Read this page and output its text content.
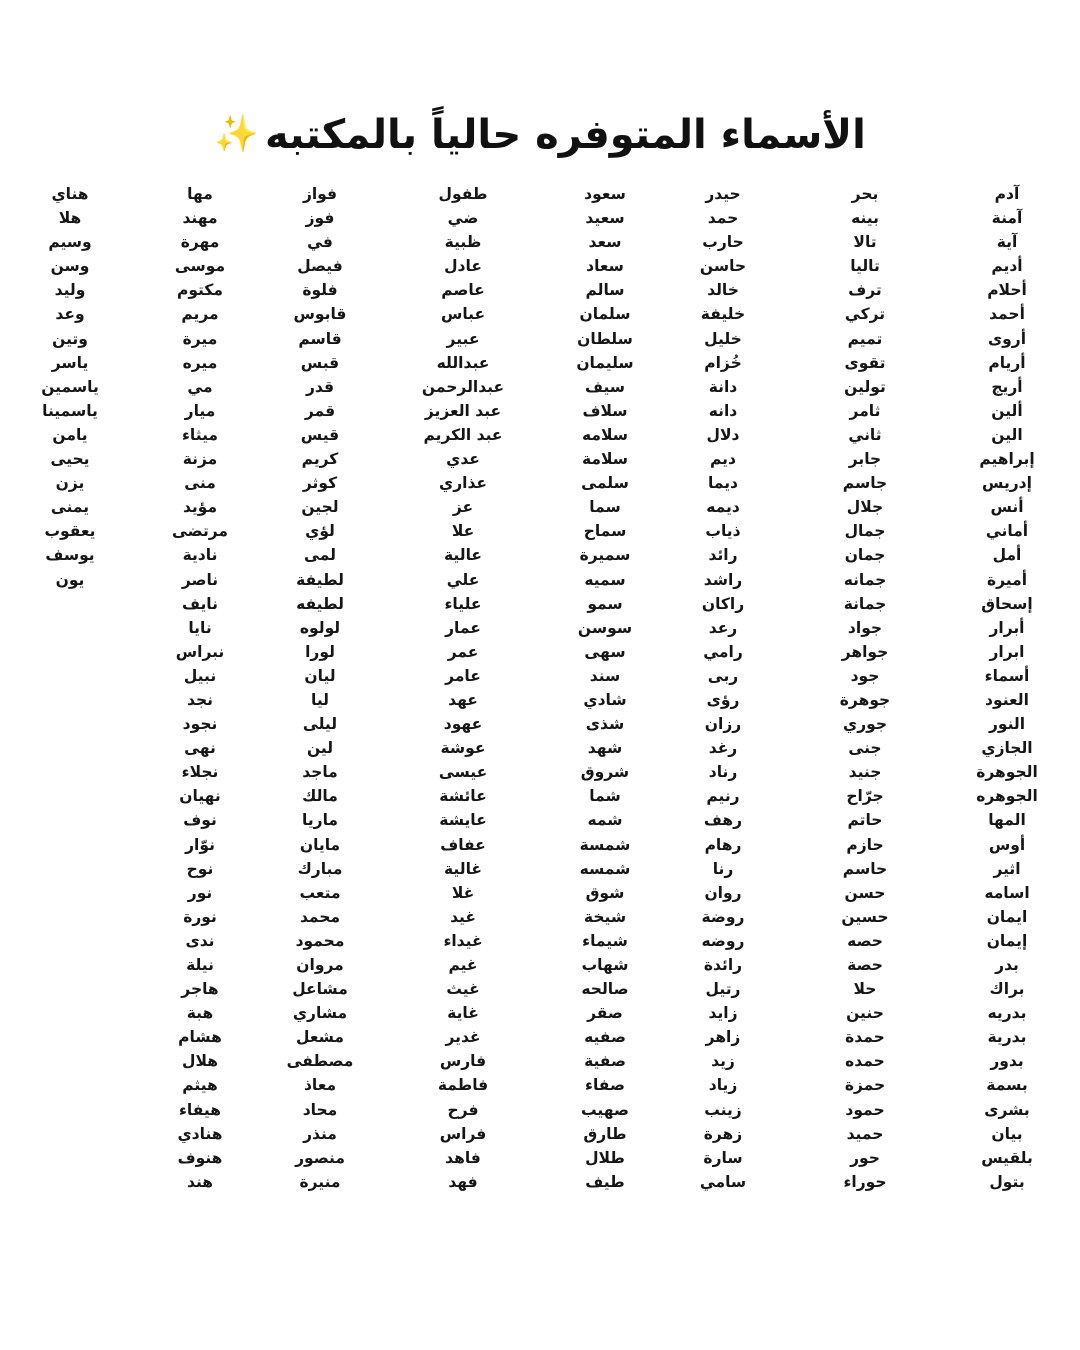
الأسماء المتوفره حالياً بالمكتبه✨
آدم
آمنة
آية
أديم
أحلام
أحمد
أروى
أريام
أريج
ألين
الين
إبراهيم
إدريس
أنس
أماني
أمل
أميرة
إسحاق
أبرار
ابرار
أسماء
العنود
النور
الجازي
الجوهرة
الجوهره
المها
أوس
اثير
اسامه
ايمان
إيمان
بدر
براك
بدريه
بدرية
بدور
بسمة
بشرى
بيان
بلقيس
بتول
بحر
بينه
تالا
تاليا
ترف
تركي
تميم
تقوى
تولين
ثامر
ثاني
جابر
جاسم
جلال
جمال
جمان
جمانه
جمانة
جواد
جواهر
جود
جوهرة
جوري
جنى
جنيد
جرّاح
حاتم
حازم
حاسم
حسن
حسين
حصه
حصة
حلا
حنين
حمدة
حمده
حمزة
حمود
حميد
حور
حوراء
حيدر
حمد
حارب
حاسن
خالد
خليفة
خليل
خُزام
دانة
دانه
دلال
ديم
ديما
ديمه
ذياب
رائد
راشد
راكان
رعد
رامي
ربى
رؤى
رزان
رغد
رناد
رنيم
رهف
رهام
رنا
روان
روضة
روضه
رائدة
رتيل
زايد
زاهر
زيد
زياد
زينب
زهرة
سارة
سامي
سعود
سعيد
سعد
سعاد
سالم
سلمان
سلطان
سليمان
سيف
سلاف
سلامه
سلامة
سلمى
سما
سماح
سميرة
سميه
سمو
سوسن
سهى
سند
شادي
شذى
شهد
شروق
شما
شمه
شمسة
شمسه
شوق
شيخة
شيماء
شهاب
صالحه
صقر
صفيه
صفية
صفاء
صهيب
طارق
طلال
طيف
طفول
ضي
ظبية
عادل
عاصم
عباس
عبير
عبدالله
عبدالرحمن
عبد العزيز
عبد الكريم
عدي
عذاري
عز
علا
عالية
علي
علياء
عمار
عمر
عامر
عهد
عهود
عوشة
عيسى
عائشة
عايشة
عفاف
غالية
غلا
غيد
غيداء
غيم
غيث
غاية
غدير
فارس
فاطمة
فرح
فراس
فاهد
فهد
فواز
فوز
في
فيصل
فلوة
قابوس
قاسم
قبس
قدر
قمر
قيس
كريم
كوثر
لجين
لؤي
لمى
لطيفة
لطيفه
لولوه
لورا
ليان
ليا
ليلى
لين
ماجد
مالك
ماريا
مايان
مبارك
متعب
محمد
محمود
مروان
مشاعل
مشاري
مشعل
مصطفى
معاذ
محاد
منذر
منصور
منيرة
مها
مهند
مهرة
موسى
مكتوم
مريم
ميرة
ميره
مي
ميار
ميثاء
مزنة
منى
مؤيد
مرتضى
نادية
ناصر
نايف
نايا
نبراس
نبيل
نجد
نجود
نهى
نجلاء
نهيان
نوف
نوّار
نوح
نور
نورة
ندى
نيلة
هاجر
هبة
هشام
هلال
هيثم
هيفاء
هنادي
هنوف
هند
هناي
هلا
وسيم
وسن
وليد
وعد
وتين
ياسر
ياسمين
ياسمينا
يامن
يحيى
يزن
يمنى
يعقوب
يوسف
يون
